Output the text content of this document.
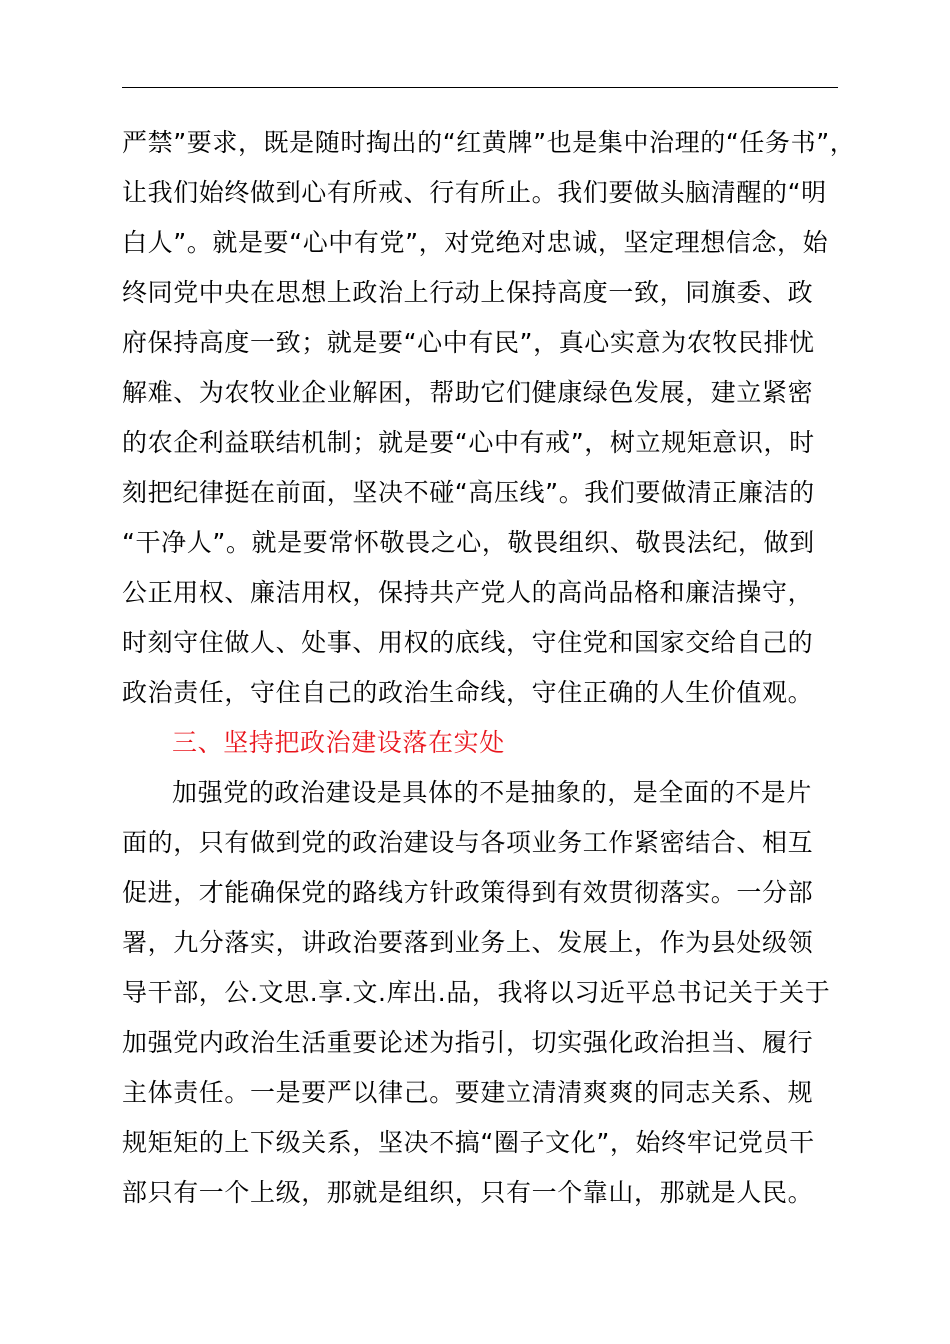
严禁”要求，既是随时掏出的“红黄牌”也是集中治理的“任务书”，
让我们始终做到心有所戒、行有所止。我们要做头脑清醒的“明
白人”。就是要“心中有党”，对党绝对忠诚，坚定理想信念，始
终同党中央在思想上政治上行动上保持高度一致，同旗委、政
府保持高度一致；就是要“心中有民”，真心实意为农牧民排忧
解难、为农牧业企业解困，帮助它们健康绿色发展，建立紧密
的农企利益联结机制；就是要“心中有戒”，树立规矩意识，时
刻把纪律挺在前面，坚决不碰“高压线”。我们要做清正廉洁的
“干净人”。就是要常怀敬畏之心，敬畏组织、敬畏法纪，做到
公正用权、廉洁用权，保持共产党人的高尚品格和廉洁操守，
时刻守住做人、处事、用权的底线，守住党和国家交给自己的
政治责任，守住自己的政治生命线，守住正确的人生价值观。
三、坚持把政治建设落在实处
加强党的政治建设是具体的不是抽象的，是全面的不是片
面的，只有做到党的政治建设与各项业务工作紧密结合、相互
促进，才能确保党的路线方针政策得到有效贯彻落实。一分部
署，九分落实，讲政治要落到业务上、发展上，作为县处级领
导干部，公.文思.享.文.库出.品，我将以习近平总书记关于关于
加强党内政治生活重要论述为指引，切实强化政治担当、履行
主体责任。一是要严以律己。要建立清清爽爽的同志关系、规
规矩矩的上下级关系，坚决不搞“圈子文化”，始终牢记党员干
部只有一个上级，那就是组织，只有一个靠山，那就是人民。
